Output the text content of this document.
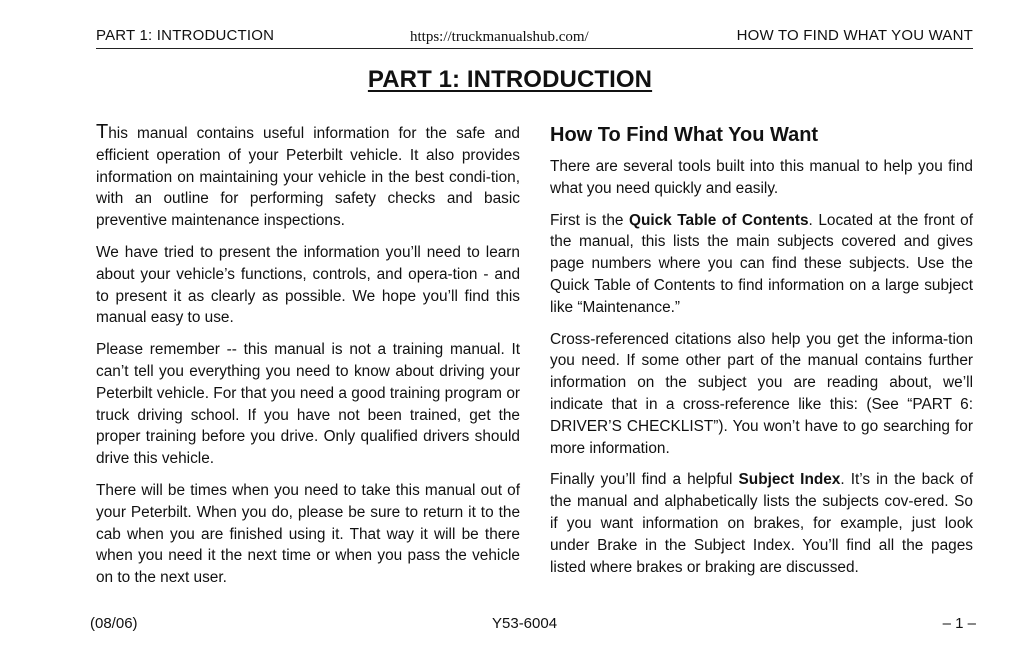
PART 1: INTRODUCTION	https://truckmanualshub.com/	HOW TO FIND WHAT YOU WANT
PART 1: INTRODUCTION

This manual contains useful information for the safe and efficient operation of your Peterbilt vehicle. It also provides information on maintaining your vehicle in the best condi-tion, with an outline for performing safety checks and basic preventive maintenance inspections.

We have tried to present the information you’ll need to learn about your vehicle’s functions, controls, and opera-tion - and to present it as clearly as possible. We hope you’ll find this manual easy to use.

Please remember -- this manual is not a training manual. It can’t tell you everything you need to know about driving your Peterbilt vehicle. For that you need a good training program or truck driving school. If you have not been trained, get the proper training before you drive. Only qualified drivers should drive this vehicle.

There will be times when you need to take this manual out of your Peterbilt. When you do, please be sure to return it to the cab when you are finished using it. That way it will be there when you need it the next time or when you pass the vehicle on to the next user.

How To Find What You Want

There are several tools built into this manual to help you find what you need quickly and easily.

First is the Quick Table of Contents. Located at the front of the manual, this lists the main subjects covered and gives page numbers where you can find these subjects. Use the Quick Table of Contents to find information on a large subject like “Maintenance.”

Cross-referenced citations also help you get the informa-tion you need. If some other part of the manual contains further information on the subject you are reading about, we’ll indicate that in a cross-reference like this: (See “PART 6: DRIVER’S CHECKLIST”). You won’t have to go searching for more information.

Finally you’ll find a helpful Subject Index. It’s in the back of the manual and alphabetically lists the subjects cov-ered. So if you want information on brakes, for example, just look under Brake in the Subject Index. You’ll find all the pages listed where brakes or braking are discussed.

(08/06)	Y53-6004	– 1 –
